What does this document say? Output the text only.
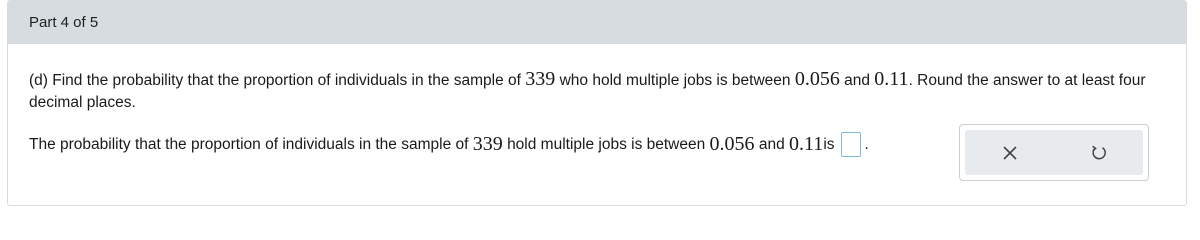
Part 4 of 5
(d) Find the probability that the proportion of individuals in the sample of 339 who hold multiple jobs is between 0.056 and 0.11. Round the answer to at least four decimal places.
The probability that the proportion of individuals in the sample of
339
hold multiple jobs is between
0.056
and
0.11 is .
